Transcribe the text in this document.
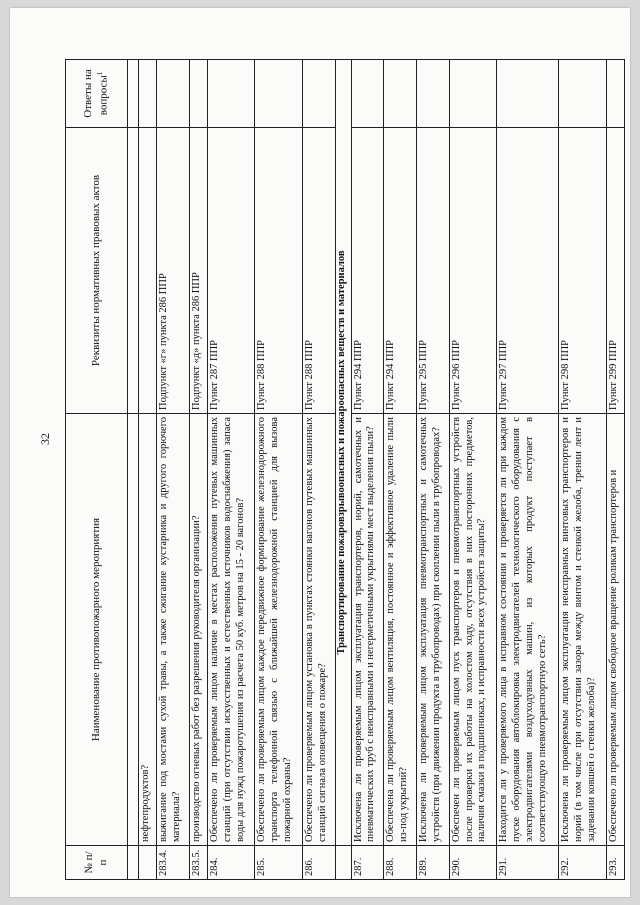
32
№ п/п	Наименование противопожарного мероприятия	Реквизиты нормативных правовых актов	Ответы на вопросы$^1$

	нефтепродуктов?		
283.4.	выжигание под мостами сухой травы, а также сжигание кустарника и другого горючего материала?	Подпункт «г» пункта 286 ППР	
283.5.	производство огневых работ без разрешения руководителя организации?	Подпункт «д» пункта 286 ППР	
284.	Обеспечено ли проверяемым лицом наличие в местах расположения путевых машинных станций (при отсутствии искусственных и естественных источников водоснабжения) запаса воды для нужд пожаротушения из расчета 50 куб. метров на 15 - 20 вагонов?	Пункт 287 ППР	
285.	Обеспечено ли проверяемым лицом каждое передвижное формирование железнодорожного транспорта телефонной связью с ближайшей железнодорожной станцией для вызова пожарной охраны?	Пункт 288 ППР	
286.	Обеспечено ли проверяемым лицом установка в пунктах стоянки вагонов путевых машинных станций сигнала оповещения о пожаре?	Пункт 288 ППР	
	Транспортирование пожаровзрывоопасных и пожароопасных веществ и материалов		
287.	Исключена ли проверяемым лицом эксплуатация транспортеров, норий, самотечных и пневматических труб с неисправными и негерметичными укрытиями мест выделения пыли?	Пункт 294 ППР	
288.	Обеспечена ли проверяемым лицом вентиляция, постоянное и эффективное удаление пыли из-под укрытий?	Пункт 294 ППР	
289.	Исключена ли проверяемым лицом эксплуатация пневмотранспортных и самотечных устройств (при движении продукта в трубопроводах) при скоплении пыли в трубопроводах?	Пункт 295 ППР	
290.	Обеспечен ли проверяемым лицом пуск транспортеров и пневмотранспортных устройств после проверки их работы на холостом ходу, отсутствия в них посторонних предметов, наличия смазки в подшипниках, и исправности всех устройств защиты?	Пункт 296 ППР	
291.	Находится ли у проверяемого лица в исправном состоянии и проверяется ли при каждом пуске оборудования автоблокировка электродвигателей технологического оборудования с электродвигателями воздуходувных машин, из которых продукт поступает в соответствующую пневмотранспортную сеть?	Пункт 297 ППР	
292.	Исключена ли проверяемым лицом эксплуатация неисправных винтовых транспортеров и норий (в том числе при отсутствии зазора между винтом и стенкой желоба, трении лент и задевании ковшей о стенки желоба)?	Пункт 298 ППР	
293.	Обеспечено ли проверяемым лицом свободное вращение роликам транспортеров и	Пункт 299 ППР	
